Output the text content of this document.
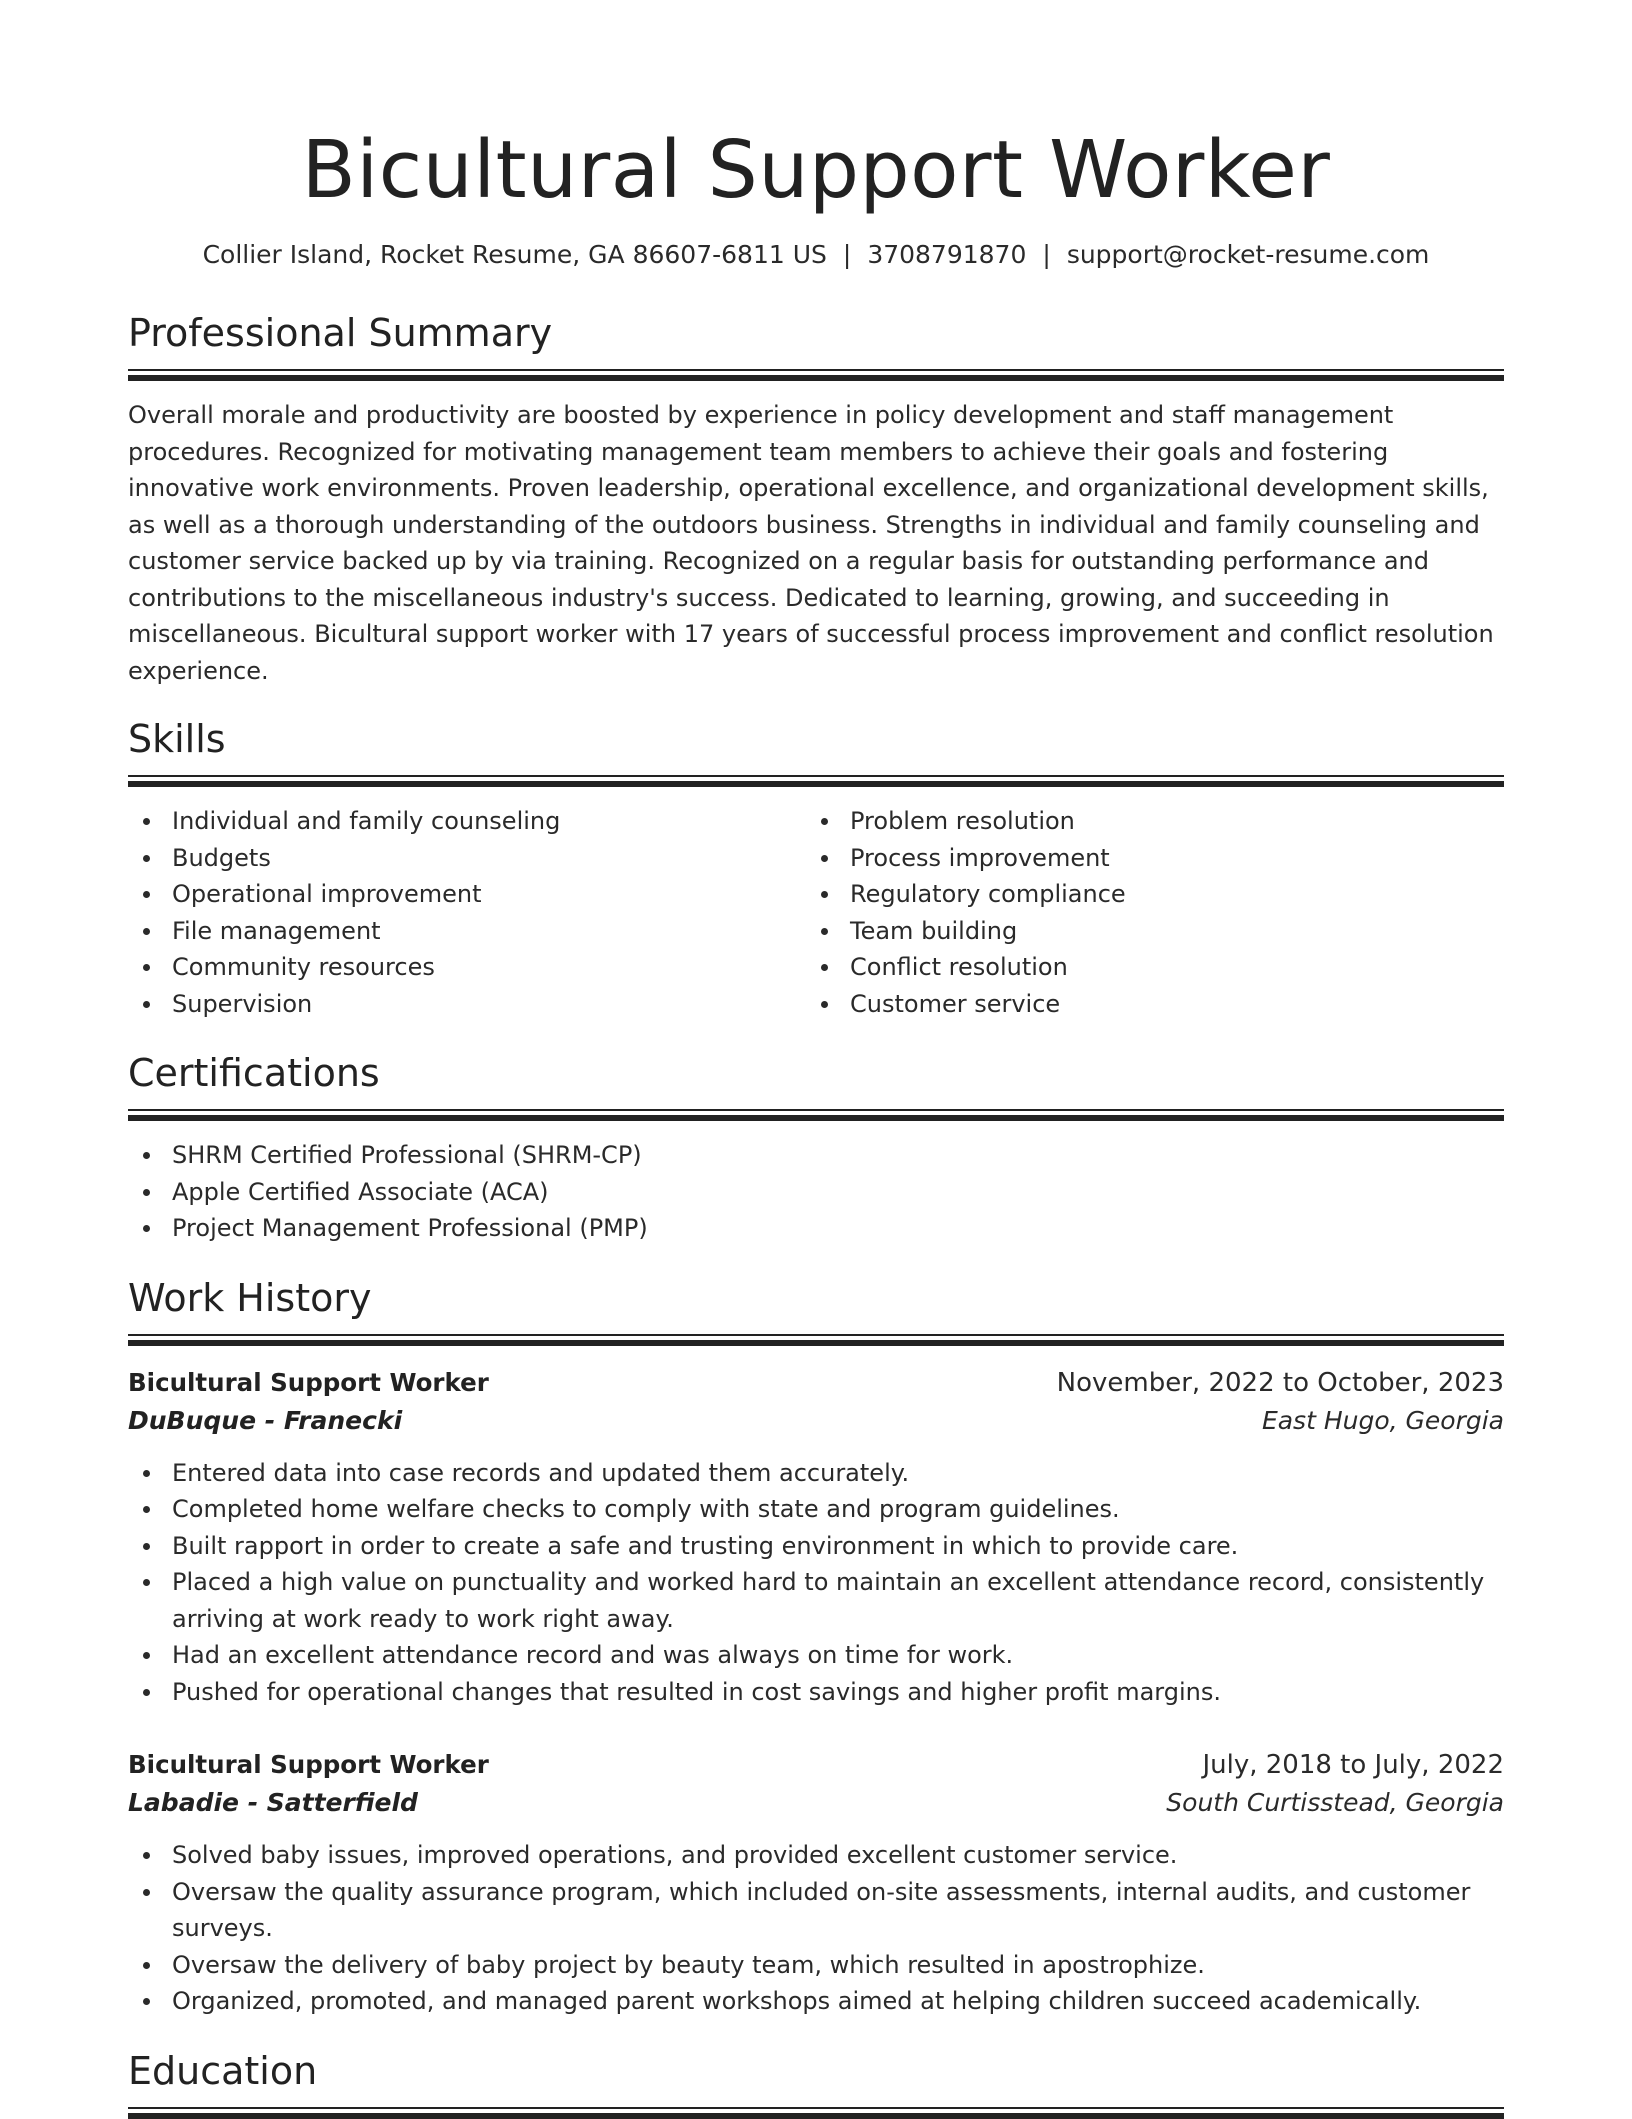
Bicultural Support Worker
Collier Island, Rocket Resume, GA 86607-6811 US | 3708791870 | support@rocket-resume.com
Professional Summary

Overall morale and productivity are boosted by experience in policy development and staff management procedures. Recognized for motivating management team members to achieve their goals and fostering innovative work environments. Proven leadership, operational excellence, and organizational development skills, as well as a thorough understanding of the outdoors business. Strengths in individual and family counseling and customer service backed up by via training. Recognized on a regular basis for outstanding performance and contributions to the miscellaneous industry's success. Dedicated to learning, growing, and succeeding in miscellaneous. Bicultural support worker with 17 years of successful process improvement and conflict resolution experience.

Skills
Individual and family counseling
Budgets
Operational improvement
File management
Community resources
Supervision
Problem resolution
Process improvement
Regulatory compliance
Team building
Conflict resolution
Customer service
Certifications
SHRM Certified Professional (SHRM-CP)
Apple Certified Associate (ACA)
Project Management Professional (PMP)
Work History
Bicultural Support Worker	November, 2022 to October, 2023
DuBuque - Franecki	East Hugo, Georgia
Entered data into case records and updated them accurately.
Completed home welfare checks to comply with state and program guidelines.
Built rapport in order to create a safe and trusting environment in which to provide care.
Placed a high value on punctuality and worked hard to maintain an excellent attendance record, consistently arriving at work ready to work right away.
Had an excellent attendance record and was always on time for work.
Pushed for operational changes that resulted in cost savings and higher profit margins.
Bicultural Support Worker	July, 2018 to July, 2022
Labadie - Satterfield	South Curtisstead, Georgia
Solved baby issues, improved operations, and provided excellent customer service.
Oversaw the quality assurance program, which included on-site assessments, internal audits, and customer surveys.
Oversaw the delivery of baby project by beauty team, which resulted in apostrophize.
Organized, promoted, and managed parent workshops aimed at helping children succeed academically.
Education
